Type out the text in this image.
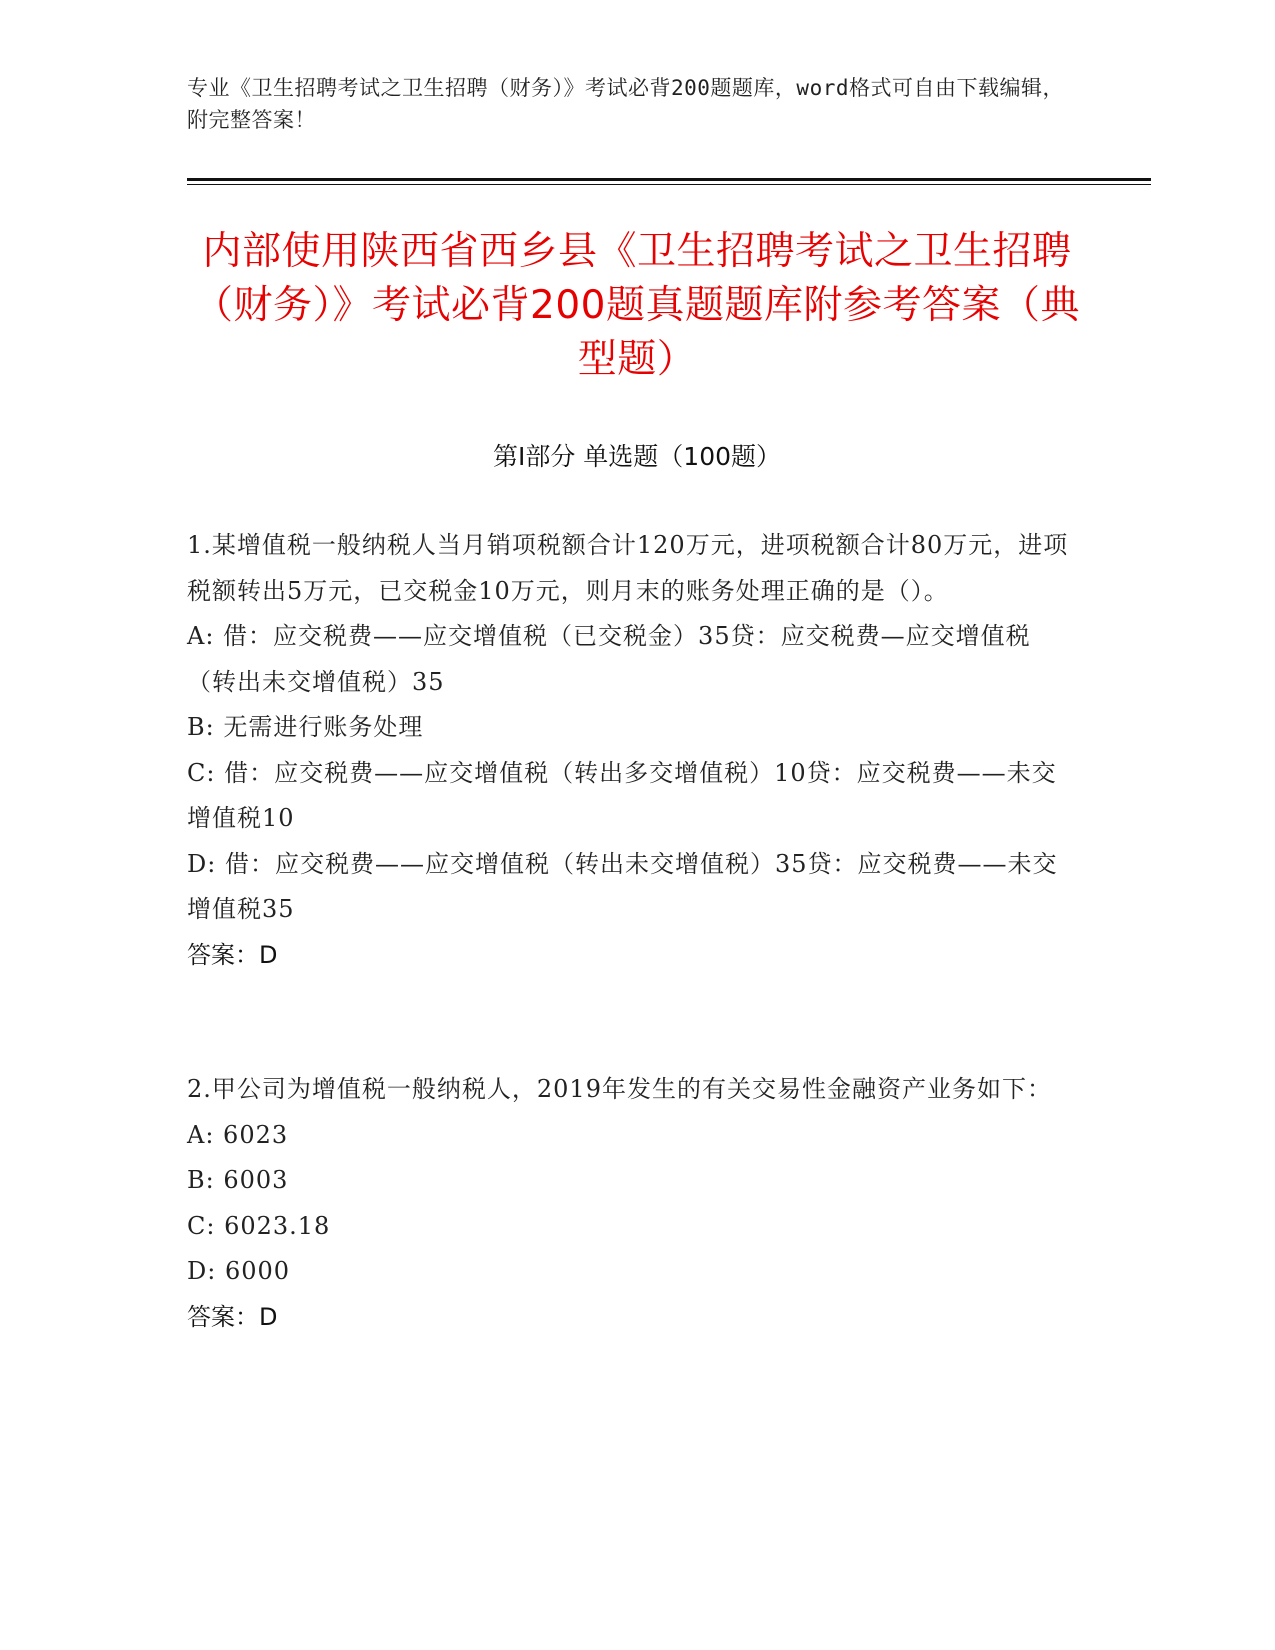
专业《卫生招聘考试之卫生招聘（财务）》考试必背200题题库，word格式可自由下载编辑，附完整答案！
内部使用陕西省西乡县《卫生招聘考试之卫生招聘（财务）》考试必背200题真题题库附参考答案（典型题）
第Ⅰ部分 单选题（100题）
1.某增值税一般纳税人当月销项税额合计120万元，进项税额合计80万元，进项税额转出5万元，已交税金10万元，则月末的账务处理正确的是（）。
A: 借：应交税费——应交增值税（已交税金）35贷：应交税费—应交增值税（转出未交增值税）35
B: 无需进行账务处理
C: 借：应交税费——应交增值税（转出多交增值税）10贷：应交税费——未交增值税10
D: 借：应交税费——应交增值税（转出未交增值税）35贷：应交税费——未交增值税35
答案：D
2.甲公司为增值税一般纳税人，2019年发生的有关交易性金融资产业务如下：
A: 6023
B: 6003
C: 6023.18
D: 6000
答案：D
